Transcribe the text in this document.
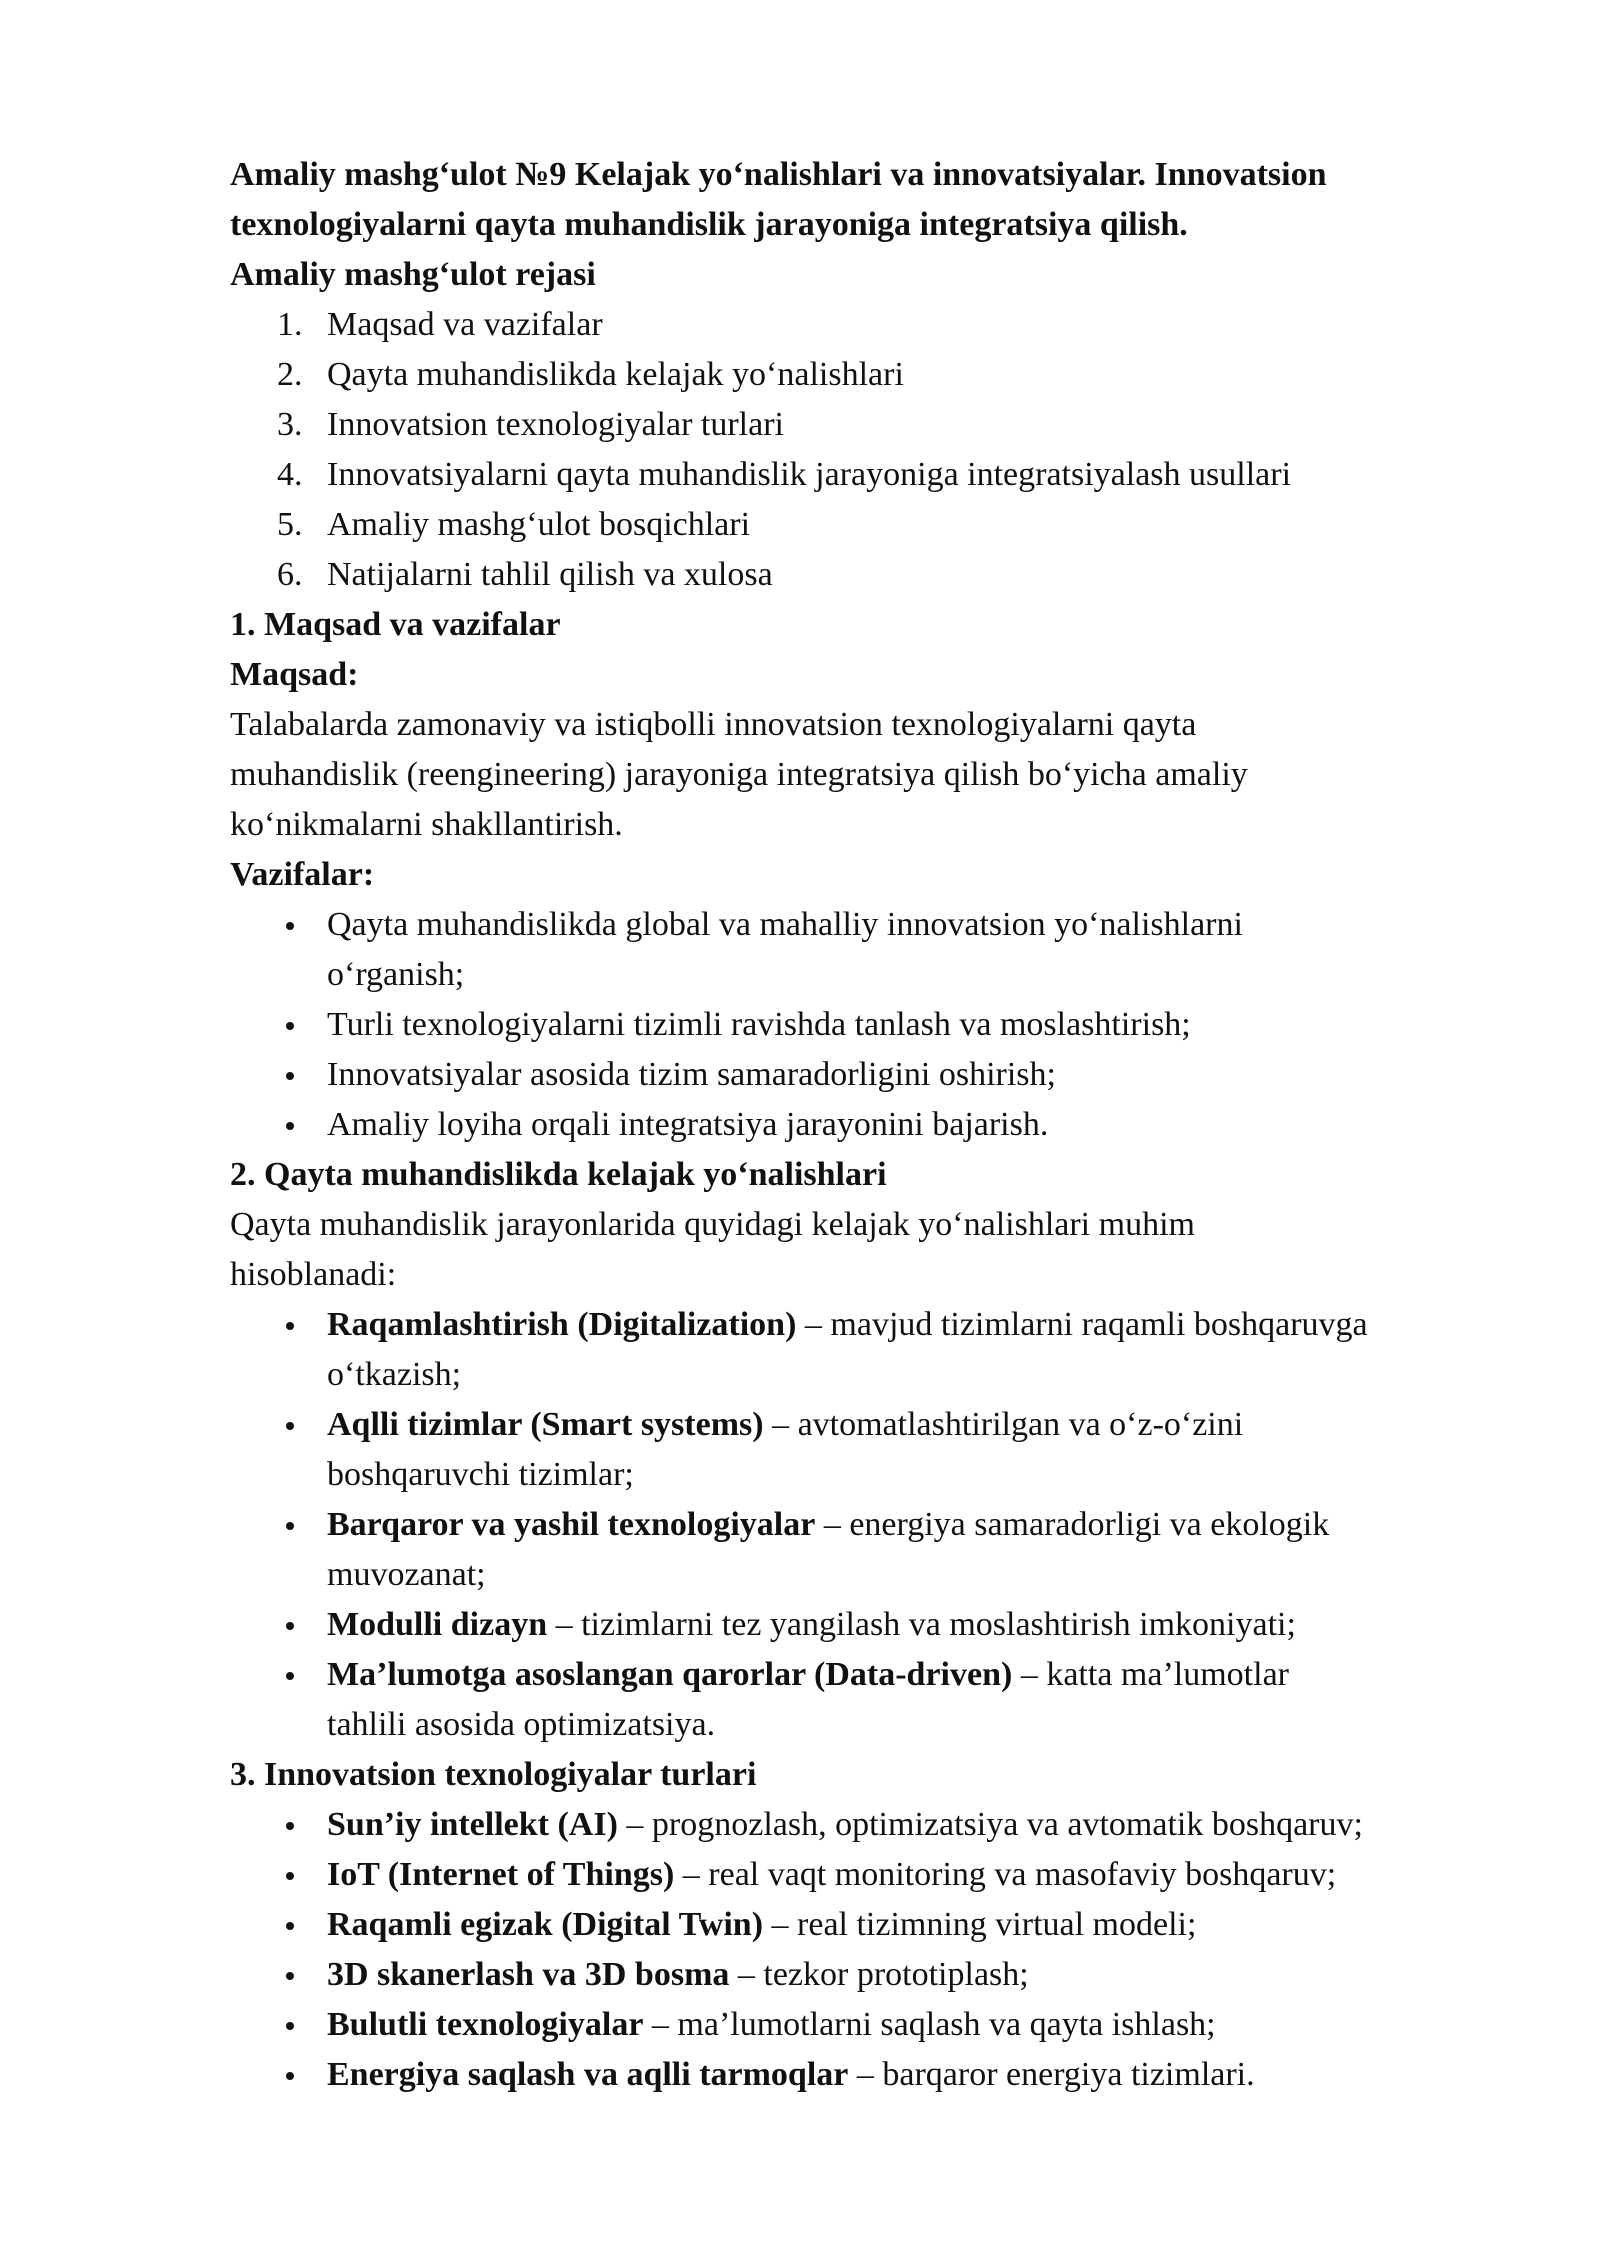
Amaliy mashg‘ulot №9 Kelajak yo‘nalishlari va innovatsiyalar. Innovatsion
texnologiyalarni qayta muhandislik jarayoniga integratsiya qilish.
Amaliy mashg‘ulot rejasi
1. Maqsad va vazifalar
2. Qayta muhandislikda kelajak yo‘nalishlari
3. Innovatsion texnologiyalar turlari
4. Innovatsiyalarni qayta muhandislik jarayoniga integratsiyalash usullari
5. Amaliy mashg‘ulot bosqichlari
6. Natijalarni tahlil qilish va xulosa
1. Maqsad va vazifalar
Maqsad:
Talabalarda zamonaviy va istiqbolli innovatsion texnologiyalarni qayta
muhandislik (reengineering) jarayoniga integratsiya qilish bo‘yicha amaliy
ko‘nikmalarni shakllantirish.
Vazifalar:
Qayta muhandislikda global va mahalliy innovatsion yo‘nalishlarni
o‘rganish;
Turli texnologiyalarni tizimli ravishda tanlash va moslashtirish;
Innovatsiyalar asosida tizim samaradorligini oshirish;
Amaliy loyiha orqali integratsiya jarayonini bajarish.
2. Qayta muhandislikda kelajak yo‘nalishlari
Qayta muhandislik jarayonlarida quyidagi kelajak yo‘nalishlari muhim
hisoblanadi:
Raqamlashtirish (Digitalization) – mavjud tizimlarni raqamli boshqaruvga
o‘tkazish;
Aqlli tizimlar (Smart systems) – avtomatlashtirilgan va o‘z-o‘zini
boshqaruvchi tizimlar;
Barqaror va yashil texnologiyalar – energiya samaradorligi va ekologik
muvozanat;
Modulli dizayn – tizimlarni tez yangilash va moslashtirish imkoniyati;
Ma’lumotga asoslangan qarorlar (Data-driven) – katta ma’lumotlar
tahlili asosida optimizatsiya.
3. Innovatsion texnologiyalar turlari
Sun’iy intellekt (AI) – prognozlash, optimizatsiya va avtomatik boshqaruv;
IoT (Internet of Things) – real vaqt monitoring va masofaviy boshqaruv;
Raqamli egizak (Digital Twin) – real tizimning virtual modeli;
3D skanerlash va 3D bosma – tezkor prototiplash;
Bulutli texnologiyalar – ma’lumotlarni saqlash va qayta ishlash;
Energiya saqlash va aqlli tarmoqlar – barqaror energiya tizimlari.
